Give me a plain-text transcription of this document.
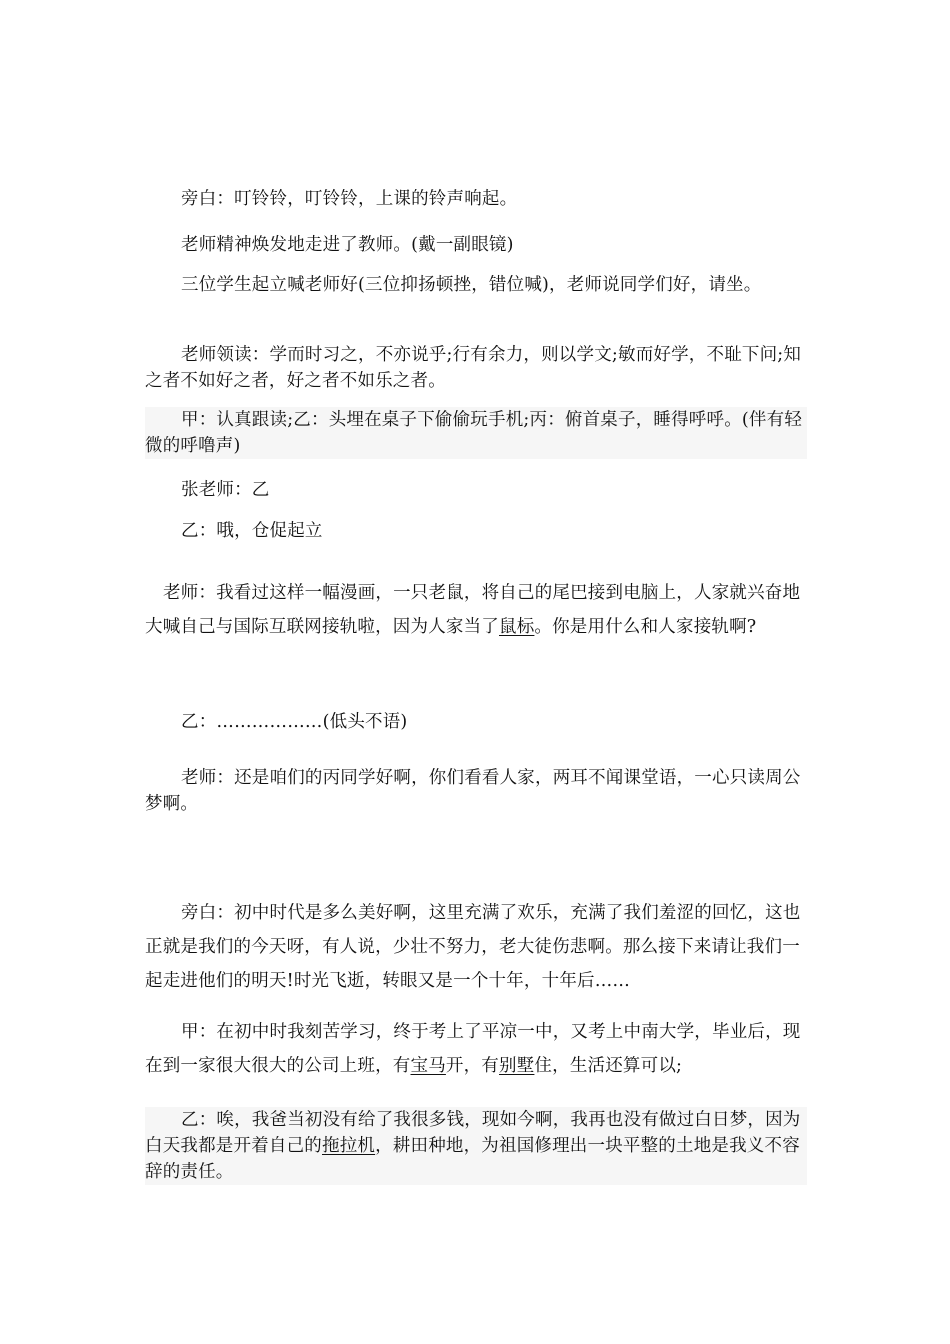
旁白：叮铃铃，叮铃铃，上课的铃声响起。

老师精神焕发地走进了教师。(戴一副眼镜)

三位学生起立喊老师好(三位抑扬顿挫，错位喊)，老师说同学们好，请坐。

老师领读：学而时习之，不亦说乎;行有余力，则以学文;敏而好学，不耻下问;知之者不如好之者，好之者不如乐之者。

甲：认真跟读;乙：头埋在桌子下偷偷玩手机;丙：俯首桌子，睡得呼呼。(伴有轻微的呼噜声)

张老师：乙

乙：哦，仓促起立

老师：我看过这样一幅漫画，一只老鼠，将自己的尾巴接到电脑上，人家就兴奋地大喊自己与国际互联网接轨啦，因为人家当了鼠标。你是用什么和人家接轨啊?

乙：………………(低头不语)

老师：还是咱们的丙同学好啊，你们看看人家，两耳不闻课堂语，一心只读周公梦啊。

旁白：初中时代是多么美好啊，这里充满了欢乐，充满了我们羞涩的回忆，这也正就是我们的今天呀，有人说，少壮不努力，老大徒伤悲啊。那么接下来请让我们一起走进他们的明天!时光飞逝，转眼又是一个十年，十年后……

甲：在初中时我刻苦学习，终于考上了平凉一中，又考上中南大学，毕业后，现在到一家很大很大的公司上班，有宝马开，有别墅住，生活还算可以;

乙：唉，我爸当初没有给了我很多钱，现如今啊，我再也没有做过白日梦，因为白天我都是开着自己的拖拉机，耕田种地，为祖国修理出一块平整的土地是我义不容辞的责任。
